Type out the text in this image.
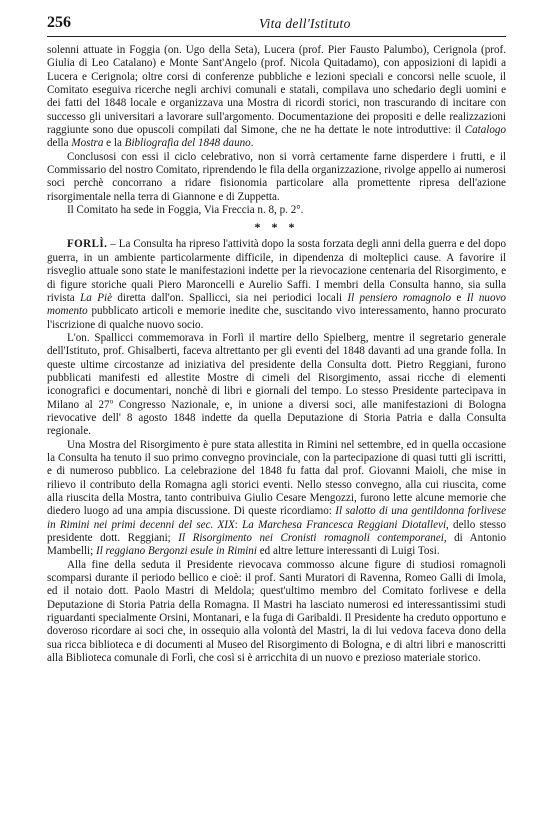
256	Vita dell'Istituto

solenni attuate in Foggia (on. Ugo della Seta), Lucera (prof. Pier Fausto Palumbo), Cerignola (prof. Giulia di Leo Catalano) e Monte Sant'Angelo (prof. Nicola Quitadamo), con apposizioni di lapidi a Lucera e Cerignola; oltre corsi di conferenze pubbliche e lezioni speciali e concorsi nelle scuole, il Comitato eseguiva ricerche negli archivi comunali e statali, compilava uno schedario degli uomini e dei fatti del 1848 locale e organizzava una Mostra di ricordi storici, non trascurando di incitare con successo gli universitari a lavorare sull'argomento. Documentazione dei propositi e delle realizzazioni raggiunte sono due opuscoli compilati dal Simone, che ne ha dettate le note introduttive: il Catalogo della Mostra e la Bibliografia del 1848 dauno.

Conclusosi con essi il ciclo celebrativo, non si vorrà certamente farne disperdere i frutti, e il Commissario del nostro Comitato, riprendendo le fila della organizzazione, rivolge appello ai numerosi soci perchè concorrano a ridare fisionomia particolare alla promettente ripresa dell'azione risorgimentale nella terra di Giannone e di Zuppetta.

Il Comitato ha sede in Foggia, Via Freccia n. 8, p. 2°.

* * *

FORLÌ. – La Consulta ha ripreso l'attività dopo la sosta forzata degli anni della guerra e del dopo guerra, in un ambiente particolarmente difficile, in dipendenza di molteplici cause. A favorire il risveglio attuale sono state le manifestazioni indette per la rievocazione centenaria del Risorgimento, e di figure storiche quali Piero Maroncelli e Aurelio Saffi. I membri della Consulta hanno, sia sulla rivista La Piè diretta dall'on. Spallicci, sia nei periodici locali Il pensiero romagnolo e Il nuovo momento pubblicato articoli e memorie inedite che, suscitando vivo interessamento, hanno procurato l'iscrizione di qualche nuovo socio.

L'on. Spallicci commemorava in Forlì il martire dello Spielberg, mentre il segretario generale dell'Istituto, prof. Ghisalberti, faceva altrettanto per gli eventi del 1848 davanti ad una grande folla. In queste ultime circostanze ad iniziativa del presidente della Consulta dott. Pietro Reggiani, furono pubblicati manifesti ed allestite Mostre di cimeli del Risorgimento, assai ricche di elementi iconografici e documentari, nonchè di libri e giornali del tempo. Lo stesso Presidente partecipava in Milano al 27$^o$ Congresso Nazionale, e, in unione a diversi soci, alle manifestazioni di Bologna rievocative dell' 8 agosto 1848 indette da quella Deputazione di Storia Patria e dalla Consulta regionale.

Una Mostra del Risorgimento è pure stata allestita in Rimini nel settembre, ed in quella occasione la Consulta ha tenuto il suo primo convegno provinciale, con la partecipazione di quasi tutti gli iscritti, e di numeroso pubblico. La celebrazione del 1848 fu fatta dal prof. Giovanni Maioli, che mise in rilievo il contributo della Romagna agli storici eventi. Nello stesso convegno, alla cui riuscita, come alla riuscita della Mostra, tanto contribuiva Giulio Cesare Mengozzi, furono lette alcune memorie che diedero luogo ad una ampia discussione. Di queste ricordiamo: Il salotto di una gentildonna forlivese in Rimini nei primi decenni del sec. XIX: La Marchesa Francesca Reggiani Diotallevi, dello stesso presidente dott. Reggiani; Il Risorgimento nei Cronisti romagnoli contemporanei, di Antonio Mambelli; Il reggiano Bergonzi esule in Rimini ed altre letture interessanti di Luigi Tosi.

Alla fine della seduta il Presidente rievocava commosso alcune figure di studiosi romagnoli scomparsi durante il periodo bellico e cioè: il prof. Santi Muratori di Ravenna, Romeo Galli di Imola, ed il notaio dott. Paolo Mastri di Meldola; quest'ultimo membro del Comitato forlivese e della Deputazione di Storia Patria della Romagna. Il Mastri ha lasciato numerosi ed interessantissimi studi riguardanti specialmente Orsini, Montanari, e la fuga di Garibaldi. Il Presidente ha creduto opportuno e doveroso ricordare ai soci che, in ossequio alla volontà del Mastri, la di lui vedova faceva dono della sua ricca biblioteca e di documenti al Museo del Risorgimento di Bologna, e di altri libri e manoscritti alla Biblioteca comunale di Forlì, che così si è arricchita di un nuovo e prezioso materiale storico.
